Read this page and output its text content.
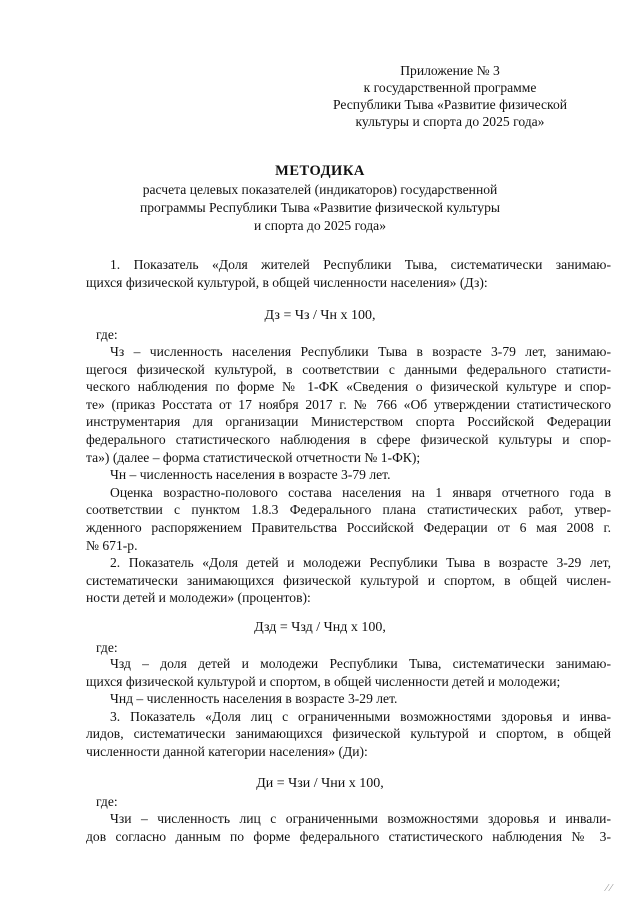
Приложение № 3
к государственной программе
Республики Тыва «Развитие физической
культуры и спорта до 2025 года»
МЕТОДИКА
расчета целевых показателей (индикаторов) государственной
программы Республики Тыва «Развитие физической культуры
и спорта до 2025 года»
1. Показатель «Доля жителей Республики Тыва, систематически занимаю-
щихся физической культурой, в общей численности населения» (Дз):
Дз = Чз / Чн x 100,
где:
Чз – численность населения Республики Тыва в возрасте 3-79 лет, занимаю-
щегося физической культурой, в соответствии с данными федерального статисти-
ческого наблюдения по форме № 1-ФК «Сведения о физической культуре и спор-
те» (приказ Росстата от 17 ноября 2017 г. № 766 «Об утверждении статистического
инструментария для организации Министерством спорта Российской Федерации
федерального статистического наблюдения в сфере физической культуры и спор-
та») (далее – форма статистической отчетности № 1-ФК);
Чн – численность населения в возрасте 3-79 лет.
Оценка возрастно-полового состава населения на 1 января отчетного года в
соответствии с пунктом 1.8.3 Федерального плана статистических работ, утвер-
жденного распоряжением Правительства Российской Федерации от 6 мая 2008 г.
№ 671-р.
2. Показатель «Доля детей и молодежи Республики Тыва в возрасте 3-29 лет,
систематически занимающихся физической культурой и спортом, в общей числен-
ности детей и молодежи» (процентов):
Дзд = Чзд / Чнд x 100,
где:
Чзд – доля детей и молодежи Республики Тыва, систематически занимаю-
щихся физической культурой и спортом, в общей численности детей и молодежи;
Чнд – численность населения в возрасте 3-29 лет.
3. Показатель «Доля лиц с ограниченными возможностями здоровья и инва-
лидов, систематически занимающихся физической культурой и спортом, в общей
численности данной категории населения» (Ди):
Ди = Чзи / Чни x 100,
где:
Чзи – численность лиц с ограниченными возможностями здоровья и инвали-
дов согласно данным по форме федерального статистического наблюдения № 3-
⁄ ⁄
